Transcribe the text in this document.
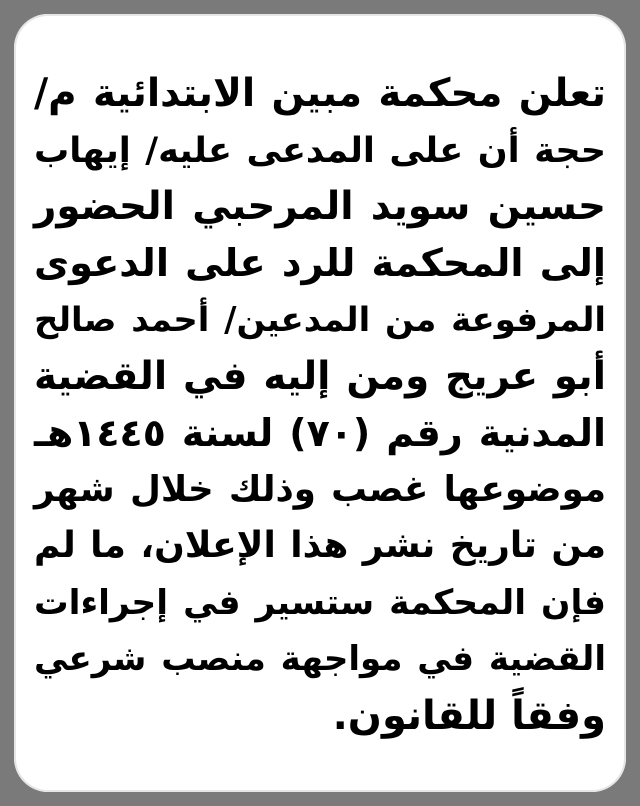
تعلن محكمة مبين الابتدائية م/
حجة أن على المدعى عليه/ إيهاب
حسين سويد المرحبي الحضور
إلى المحكمة للرد على الدعوى
المرفوعة من المدعين/ أحمد صالح
أبو عريج ومن إليه في القضية
المدنية رقم (٧٠) لسنة ١٤٤٥هـ
موضوعها غصب وذلك خلال شهر
من تاريخ نشر هذا الإعلان، ما لم
فإن المحكمة ستسير في إجراءات
القضية في مواجهة منصب شرعي
وفقاً للقانون.
